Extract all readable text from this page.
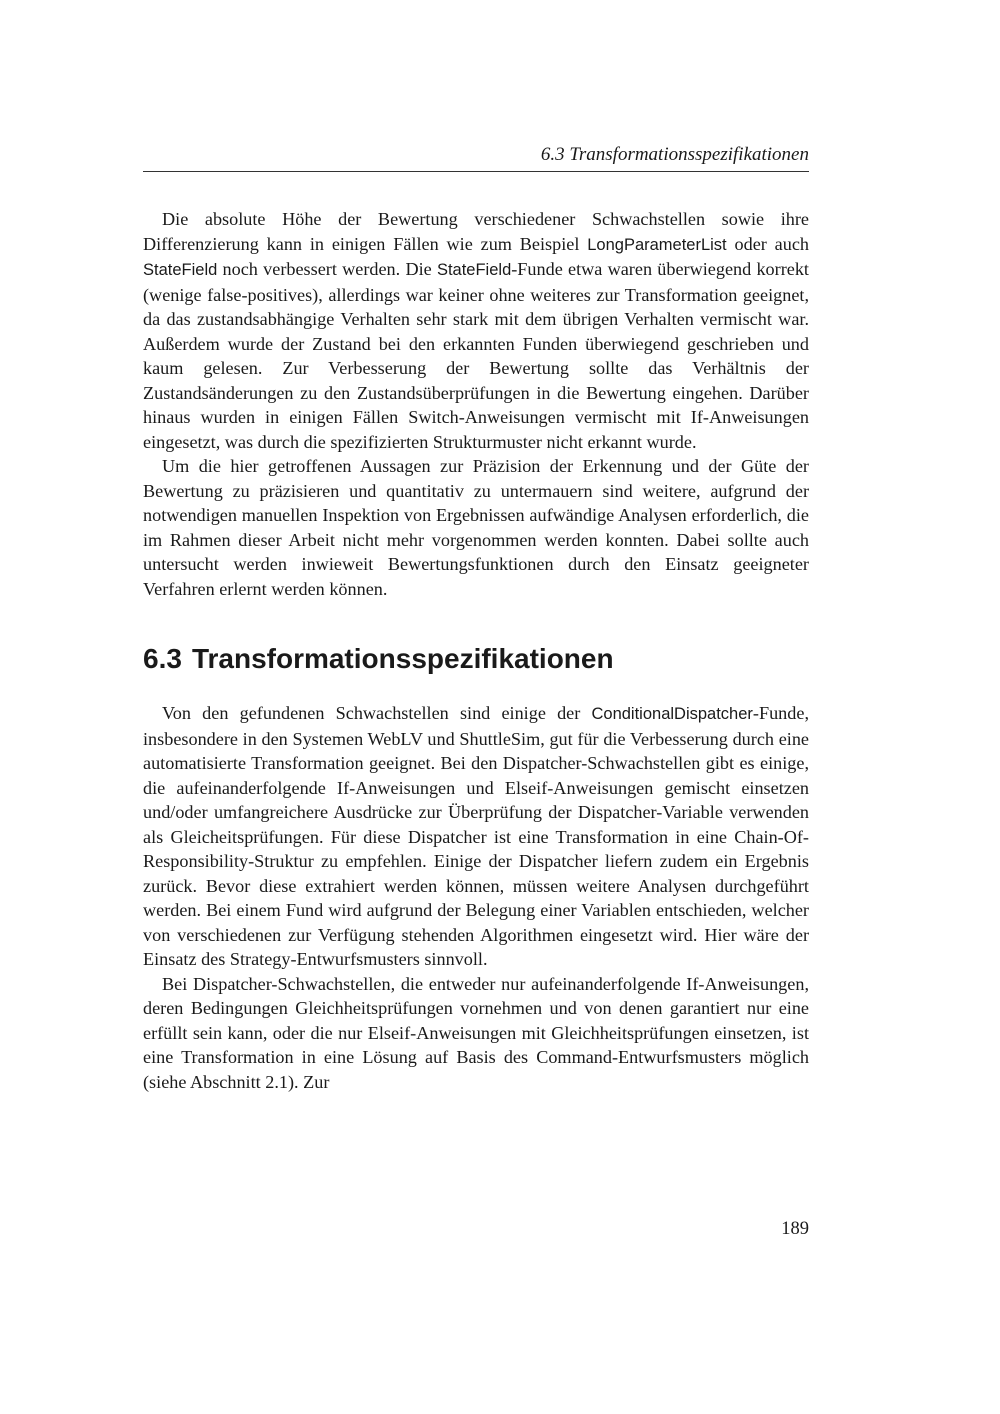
6.3 Transformationsspezifikationen

Die absolute Höhe der Bewertung verschiedener Schwachstellen sowie ihre Differenzierung kann in einigen Fällen wie zum Beispiel LongParameterList oder auch StateField noch verbessert werden. Die StateField-Funde etwa waren überwiegend korrekt (wenige false-positives), allerdings war keiner ohne weiteres zur Transformation geeignet, da das zustandsabhängige Verhalten sehr stark mit dem übrigen Verhalten vermischt war. Außerdem wurde der Zustand bei den erkannten Funden überwiegend geschrieben und kaum gelesen. Zur Verbesserung der Bewertung sollte das Verhältnis der Zustandsänderungen zu den Zustandsüberprüfungen in die Bewertung eingehen. Darüber hinaus wurden in einigen Fällen Switch-Anweisungen vermischt mit If-Anweisungen eingesetzt, was durch die spezifizierten Strukturmuster nicht erkannt wurde.

Um die hier getroffenen Aussagen zur Präzision der Erkennung und der Güte der Bewertung zu präzisieren und quantitativ zu untermauern sind weitere, aufgrund der notwendigen manuellen Inspektion von Ergebnissen aufwändige Analysen erforderlich, die im Rahmen dieser Arbeit nicht mehr vorgenommen werden konnten. Dabei sollte auch untersucht werden inwieweit Bewertungsfunktionen durch den Einsatz geeigneter Verfahren erlernt werden können.

6.3 Transformationsspezifikationen

Von den gefundenen Schwachstellen sind einige der ConditionalDispatcher-Funde, insbesondere in den Systemen WebLV und ShuttleSim, gut für die Verbesserung durch eine automatisierte Transformation geeignet. Bei den Dispatcher-Schwachstellen gibt es einige, die aufeinanderfolgende If-Anweisungen und Elseif-Anweisungen gemischt einsetzen und/oder umfangreichere Ausdrücke zur Überprüfung der Dispatcher-Variable verwenden als Gleicheitsprüfungen. Für diese Dispatcher ist eine Transformation in eine Chain-Of-Responsibility-Struktur zu empfehlen. Einige der Dispatcher liefern zudem ein Ergebnis zurück. Bevor diese extrahiert werden können, müssen weitere Analysen durchgeführt werden. Bei einem Fund wird aufgrund der Belegung einer Variablen entschieden, welcher von verschiedenen zur Verfügung stehenden Algorithmen eingesetzt wird. Hier wäre der Einsatz des Strategy-Entwurfsmusters sinnvoll.

Bei Dispatcher-Schwachstellen, die entweder nur aufeinanderfolgende If-Anweisungen, deren Bedingungen Gleichheitsprüfungen vornehmen und von denen garantiert nur eine erfüllt sein kann, oder die nur Elseif-Anweisungen mit Gleichheitsprüfungen einsetzen, ist eine Transformation in eine Lösung auf Basis des Command-Entwurfsmusters möglich (siehe Abschnitt 2.1). Zur

189
